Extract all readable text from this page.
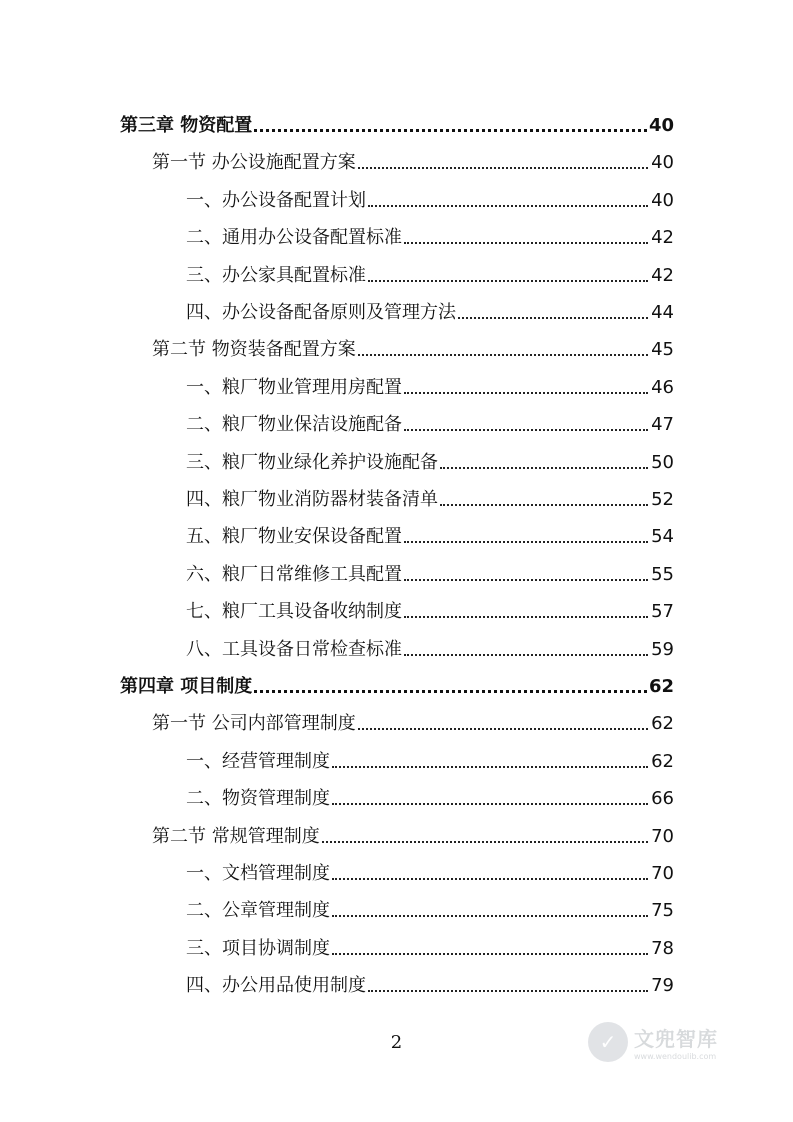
第三章 物资配置	40
第一节 办公设施配置方案	40
一、办公设备配置计划	40
二、通用办公设备配置标准	42
三、办公家具配置标准	42
四、办公设备配备原则及管理方法	44
第二节 物资装备配置方案	45
一、粮厂物业管理用房配置	46
二、粮厂物业保洁设施配备	47
三、粮厂物业绿化养护设施配备	50
四、粮厂物业消防器材装备清单	52
五、粮厂物业安保设备配置	54
六、粮厂日常维修工具配置	55
七、粮厂工具设备收纳制度	57
八、工具设备日常检查标准	59
第四章 项目制度	62
第一节 公司内部管理制度	62
一、经营管理制度	62
二、物资管理制度	66
第二节 常规管理制度	70
一、文档管理制度	70
二、公章管理制度	75
三、项目协调制度	78
四、办公用品使用制度	79
2	✓ 文兜智库
www.wendoulib.com
